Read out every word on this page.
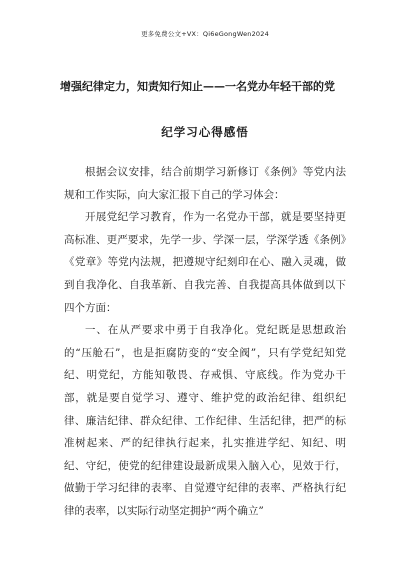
更多免费公文+VX：Qi6eGongWen2024
增强纪律定力，知责知行知止——一名党办年轻干部的党
纪学习心得感悟

根据会议安排，结合前期学习新修订《条例》等党内法规和工作实际，向大家汇报下自己的学习体会：

开展党纪学习教育，作为一名党办干部，就是要坚持更高标准、更严要求，先学一步、学深一层，学深学透《条例》《党章》等党内法规，把遵规守纪刻印在心、融入灵魂，做到自我净化、自我革新、自我完善、自我提高具体做到以下四个方面：

一、在从严要求中勇于自我净化。党纪既是思想政治的“压舱石”，也是拒腐防变的“安全阀”，只有学党纪知党纪、明党纪，方能知敬畏、存戒惧、守底线。作为党办干部，就是要自觉学习、遵守、维护党的政治纪律、组织纪律、廉洁纪律、群众纪律、工作纪律、生活纪律，把严的标准树起来、严的纪律执行起来，扎实推进学纪、知纪、明纪、守纪，使党的纪律建设最新成果入脑入心，见效于行，做勤于学习纪律的表率、自觉遵守纪律的表率、严格执行纪律的表率，以实际行动坚定拥护“两个确立”
